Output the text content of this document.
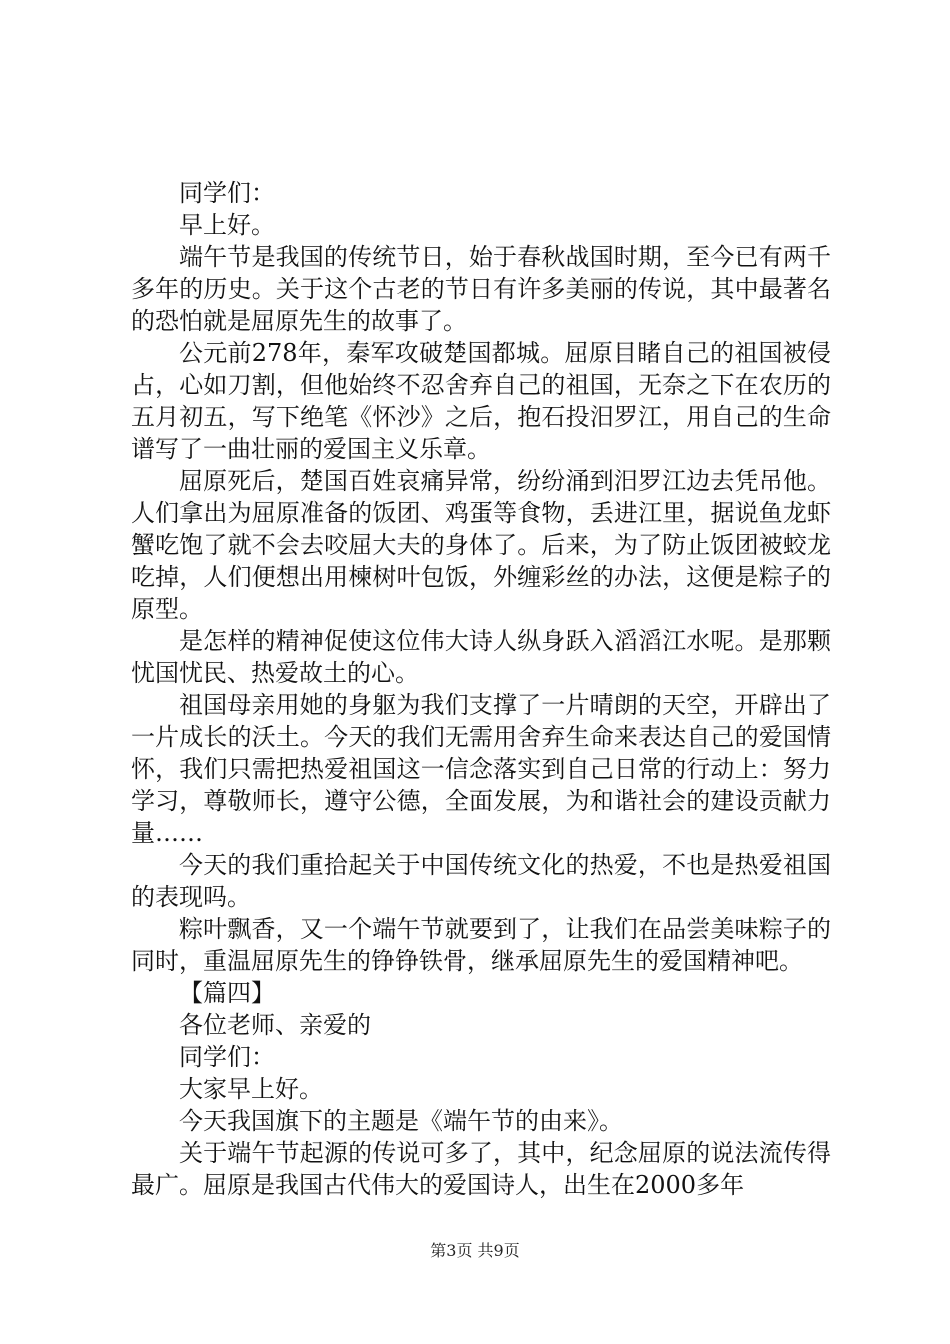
同学们：

早上好。

端午节是我国的传统节日，始于春秋战国时期，至今已有两千多年的历史。关于这个古老的节日有许多美丽的传说，其中最著名的恐怕就是屈原先生的故事了。

公元前278年，秦军攻破楚国都城。屈原目睹自己的祖国被侵占，心如刀割，但他始终不忍舍弃自己的祖国，无奈之下在农历的五月初五，写下绝笔《怀沙》之后，抱石投汨罗江，用自己的生命谱写了一曲壮丽的爱国主义乐章。

屈原死后，楚国百姓哀痛异常，纷纷涌到汨罗江边去凭吊他。人们拿出为屈原准备的饭团、鸡蛋等食物，丢进江里，据说鱼龙虾蟹吃饱了就不会去咬屈大夫的身体了。后来，为了防止饭团被蛟龙吃掉，人们便想出用楝树叶包饭，外缠彩丝的办法，这便是粽子的原型。

是怎样的精神促使这位伟大诗人纵身跃入滔滔江水呢。是那颗忧国忧民、热爱故土的心。

祖国母亲用她的身躯为我们支撑了一片晴朗的天空，开辟出了一片成长的沃土。今天的我们无需用舍弃生命来表达自己的爱国情怀，我们只需把热爱祖国这一信念落实到自己日常的行动上：努力学习，尊敬师长，遵守公德，全面发展，为和谐社会的建设贡献力量……

今天的我们重拾起关于中国传统文化的热爱，不也是热爱祖国的表现吗。

粽叶飘香，又一个端午节就要到了，让我们在品尝美味粽子的同时，重温屈原先生的铮铮铁骨，继承屈原先生的爱国精神吧。

【篇四】

各位老师、亲爱的

同学们：

大家早上好。

今天我国旗下的主题是《端午节的由来》。

关于端午节起源的传说可多了，其中，纪念屈原的说法流传得最广。屈原是我国古代伟大的爱国诗人，出生在2000多年

第3页 共9页
